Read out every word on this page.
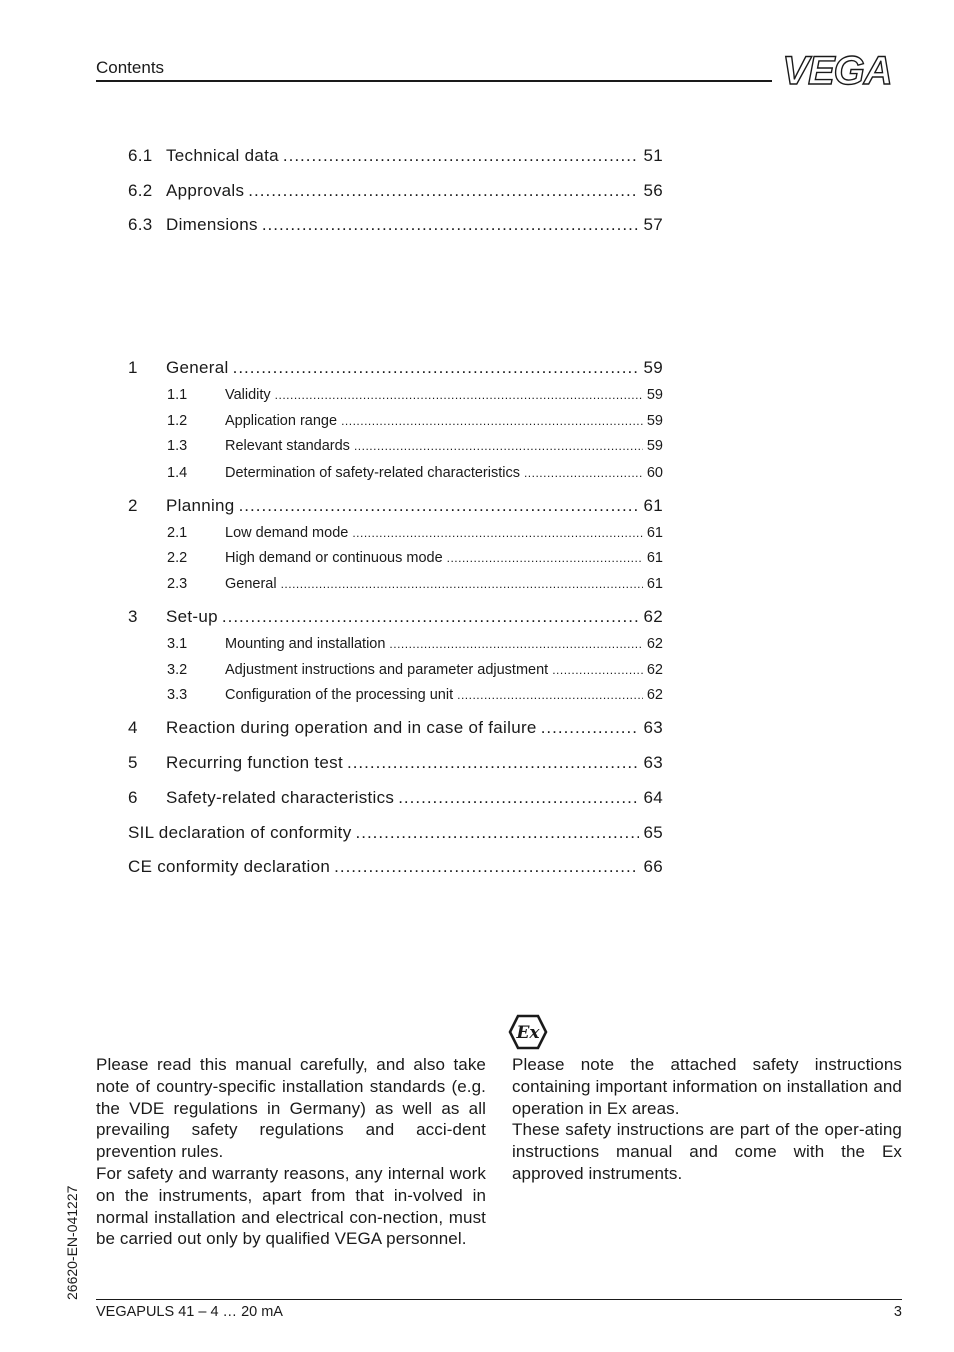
Contents	VEGA
6.1 Technical data .....	51
6.2 Approvals .....	56
6.3 Dimensions .....	57
1	General .....	59
1.1	Validity .....	59
1.2	Application range .....	59
1.3	Relevant standards .....	59
1.4	Determination of safety-related characteristics .....	60
2	Planning .....	61
2.1	Low demand mode .....	61
2.2	High demand or continuous mode .....	61
2.3	General .....	61
3	Set-up .....	62
3.1	Mounting and installation .....	62
3.2	Adjustment instructions and parameter adjustment .....	62
3.3	Configuration of the processing unit .....	62
4	Reaction during operation and in case of failure .....	63
5	Recurring function test .....	63
6	Safety-related characteristics .....	64
SIL declaration of conformity .....	65
CE conformity declaration .....	66

Please read this manual carefully, and also take note of country-specific installation standards (e.g. the VDE regulations in Germany) as well as all prevailing safety regulations and acci-dent prevention rules.

For safety and warranty reasons, any internal work on the instruments, apart from that in-volved in normal installation and electrical con-nection, must be carried out only by qualified VEGA personnel.

Ex

Please note the attached safety instructions containing important information on installation and operation in Ex areas.

These safety instructions are part of the oper-ating instructions manual and come with the Ex approved instruments.

26620-EN-041227
VEGAPULS 41 – 4 … 20 mA	3
